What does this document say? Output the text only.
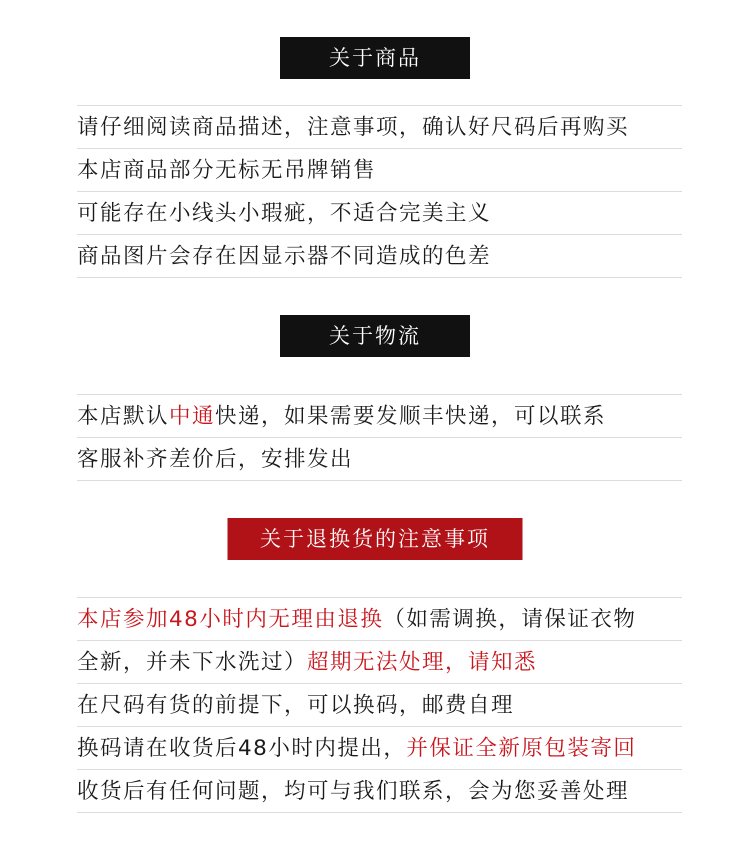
关于商品
请仔细阅读商品描述，注意事项，确认好尺码后再购买
本店商品部分无标无吊牌销售
可能存在小线头小瑕疵，不适合完美主义
商品图片会存在因显示器不同造成的色差
关于物流
本店默认中通快递，如果需要发顺丰快递，可以联系
客服补齐差价后，安排发出
关于退换货的注意事项
本店参加48小时内无理由退换（如需调换，请保证衣物
全新，并未下水洗过）超期无法处理，请知悉
在尺码有货的前提下，可以换码，邮费自理
换码请在收货后48小时内提出，并保证全新原包装寄回
收货后有任何问题，均可与我们联系，会为您妥善处理
